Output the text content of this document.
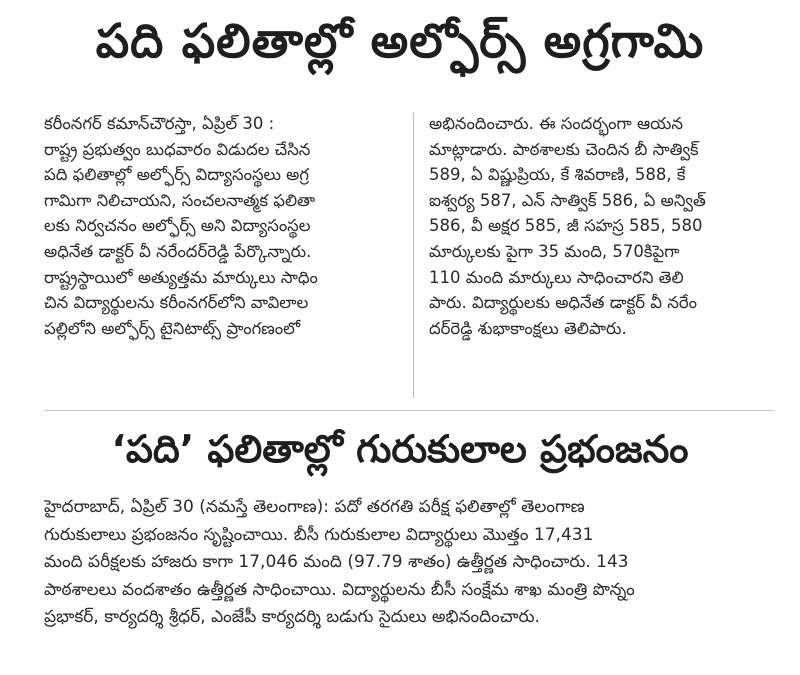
పది ఫలితాల్లో అల్ఫోర్స్ అగ్రగామి
కరీంనగర్ కమాన్‌చౌరస్తా, ఏప్రిల్ 30 :
రాష్ట్ర ప్రభుత్వం బుధవారం విడుదల చేసిన
పది ఫలితాల్లో అల్ఫోర్స్ విద్యాసంస్థలు అగ్ర
గామిగా నిలిచాయని, సంచలనాత్మక ఫలితా
లకు నిర్వచనం అల్ఫోర్స్ అని విద్యాసంస్థల
అధినేత డాక్టర్ వీ నరేందర్‌రెడ్డి పేర్కొన్నారు.
రాష్ట్రస్థాయిలో అత్యుత్తమ మార్కులు సాధిం
చిన విద్యార్థులను కరీంనగర్‌లోని వావిలాల
పల్లిలోని అల్ఫోర్స్ టైనిటాట్స్ ప్రాంగణంలో
అభినందించారు. ఈ సందర్భంగా ఆయన
మాట్లాడారు. పాఠశాలకు చెందిన బీ సాత్విక్
589, ఏ విష్ణుప్రియ, కే శివరాణి, 588, కే
ఐశ్వర్య 587, ఎన్ సాత్విక్ 586, ఏ అన్విత్
586, వీ అక్షర 585, జీ సహస్ర 585, 580
మార్కులకు పైగా 35 మంది, 570కిపైగా
110 మంది మార్కులు సాధించారని తెలి
పారు. విద్యార్థులకు అధినేత డాక్టర్ వీ నరేం
దర్‌రెడ్డి శుభాకాంక్షలు తెలిపారు.
‘పది’ ఫలితాల్లో గురుకులాల ప్రభంజనం
హైదరాబాద్, ఏప్రిల్ 30 (నమస్తే తెలంగాణ): పదో తరగతి పరీక్ష ఫలితాల్లో తెలంగాణ
గురుకులాలు ప్రభంజనం సృష్టించాయి. బీసీ గురుకులాల విద్యార్థులు మొత్తం 17,431
మంది పరీక్షలకు హాజరు కాగా 17,046 మంది (97.79 శాతం) ఉత్తీర్ణత సాధించారు. 143
పాఠశాలలు వందశాతం ఉత్తీర్ణత సాధించాయి. విద్యార్థులను బీసీ సంక్షేమ శాఖ మంత్రి పొన్నం
ప్రభాకర్, కార్యదర్శి శ్రీధర్, ఎంజేపీ కార్యదర్శి బడుగు సైదులు అభినందించారు.
